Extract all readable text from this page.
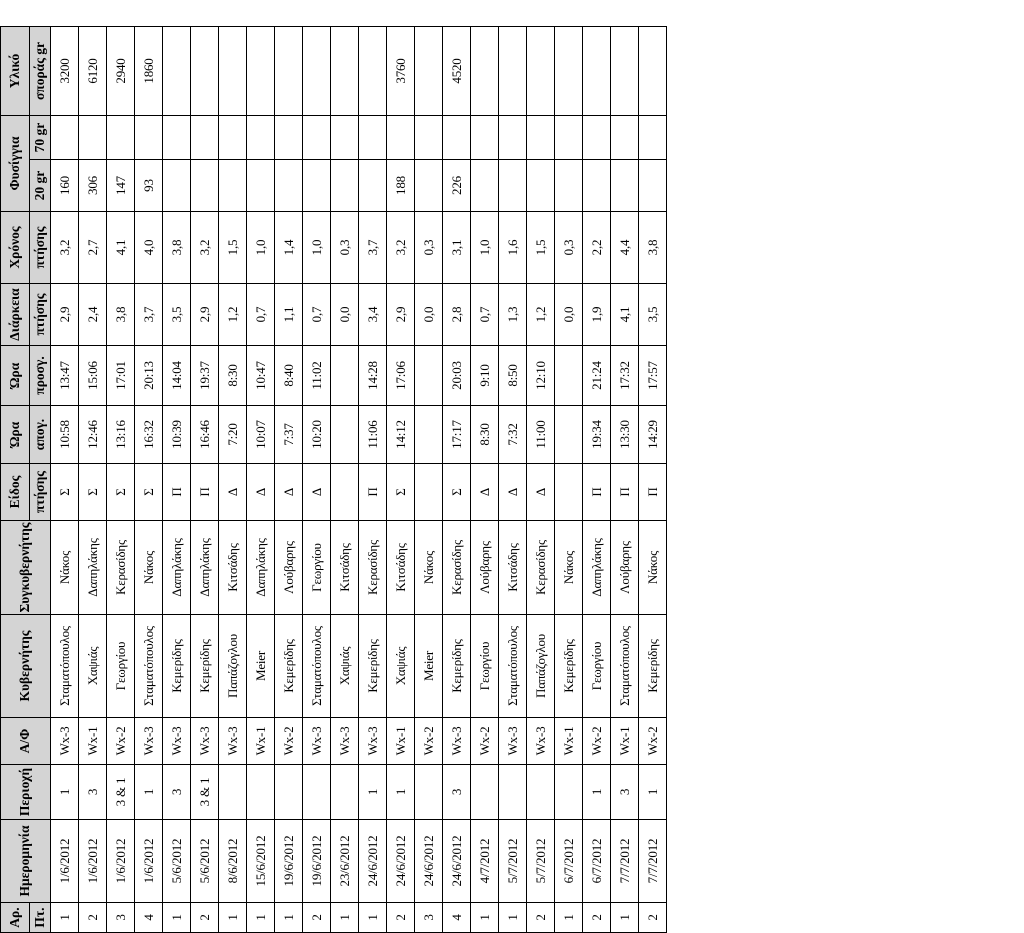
Αρ.	Ημερομηνία	Περιοχή	Α/Φ	Κυβερνήτης	Συγκυβερνήτης	Είδος	Ώρα	Ώρα	Διάρκεια	Χρόνος	Φυσίγγια		Υλικό
Πτ.						πτήσης	απογ.	προσγ.	πτήσης	πτήσης	20 gr	70 gr	σποράς gr
1	1/6/2012	1	Wx-3	Σταματόπουλος	Νάκος	Σ	10:58	13:47	2,9	3,2	160		3200
2	1/6/2012	3	Wx-1	Χαψιάς	Δαπηλάκης	Σ	12:46	15:06	2,4	2,7	306		6120
3	1/6/2012	3 & 1	Wx-2	Γεωργίου	Κερασίδης	Σ	13:16	17:01	3,8	4,1	147		2940
4	1/6/2012	1	Wx-3	Σταματόπουλος	Νάκος	Σ	16:32	20:13	3,7	4,0	93		1860
1	5/6/2012	3	Wx-3	Κεμερίδης	Δαπηλάκης	Π	10:39	14:04	3,5	3,8			
2	5/6/2012	3 & 1	Wx-3	Κεμερίδης	Δαπηλάκης	Π	16:46	19:37	2,9	3,2			
1	8/6/2012		Wx-3	Παπάζογλου	Κιτσάδης	Δ	7:20	8:30	1,2	1,5			
1	15/6/2012		Wx-1	Meier	Δαπηλάκης	Δ	10:07	10:47	0,7	1,0			
1	19/6/2012		Wx-2	Κεμερίδης	Λούβαρης	Δ	7:37	8:40	1,1	1,4			
2	19/6/2012		Wx-3	Σταματόπουλος	Γεωργίου	Δ	10:20	11:02	0,7	1,0			
1	23/6/2012		Wx-3	Χαψιάς	Κιτσάδης				0,0	0,3			
1	24/6/2012	1	Wx-3	Κεμερίδης	Κερασίδης	Π	11:06	14:28	3,4	3,7			
2	24/6/2012	1	Wx-1	Χαψιάς	Κιτσάδης	Σ	14:12	17:06	2,9	3,2	188		3760
3	24/6/2012		Wx-2	Meier	Νάκος				0,0	0,3			
4	24/6/2012	3	Wx-3	Κεμερίδης	Κερασίδης	Σ	17:17	20:03	2,8	3,1	226		4520
1	4/7/2012		Wx-2	Γεωργίου	Λούβαρης	Δ	8:30	9:10	0,7	1,0			
1	5/7/2012		Wx-3	Σταματόπουλος	Κιτσάδης	Δ	7:32	8:50	1,3	1,6			
2	5/7/2012		Wx-3	Παπάζογλου	Κερασίδης	Δ	11:00	12:10	1,2	1,5			
1	6/7/2012		Wx-1	Κεμερίδης	Νάκος				0,0	0,3			
2	6/7/2012	1	Wx-2	Γεωργίου	Δαπηλάκης	Π	19:34	21:24	1,9	2,2			
1	7/7/2012	3	Wx-1	Σταματόπουλος	Λούβαρης	Π	13:30	17:32	4,1	4,4			
2	7/7/2012	1	Wx-2	Κεμερίδης	Νάκος	Π	14:29	17:57	3,5	3,8			
